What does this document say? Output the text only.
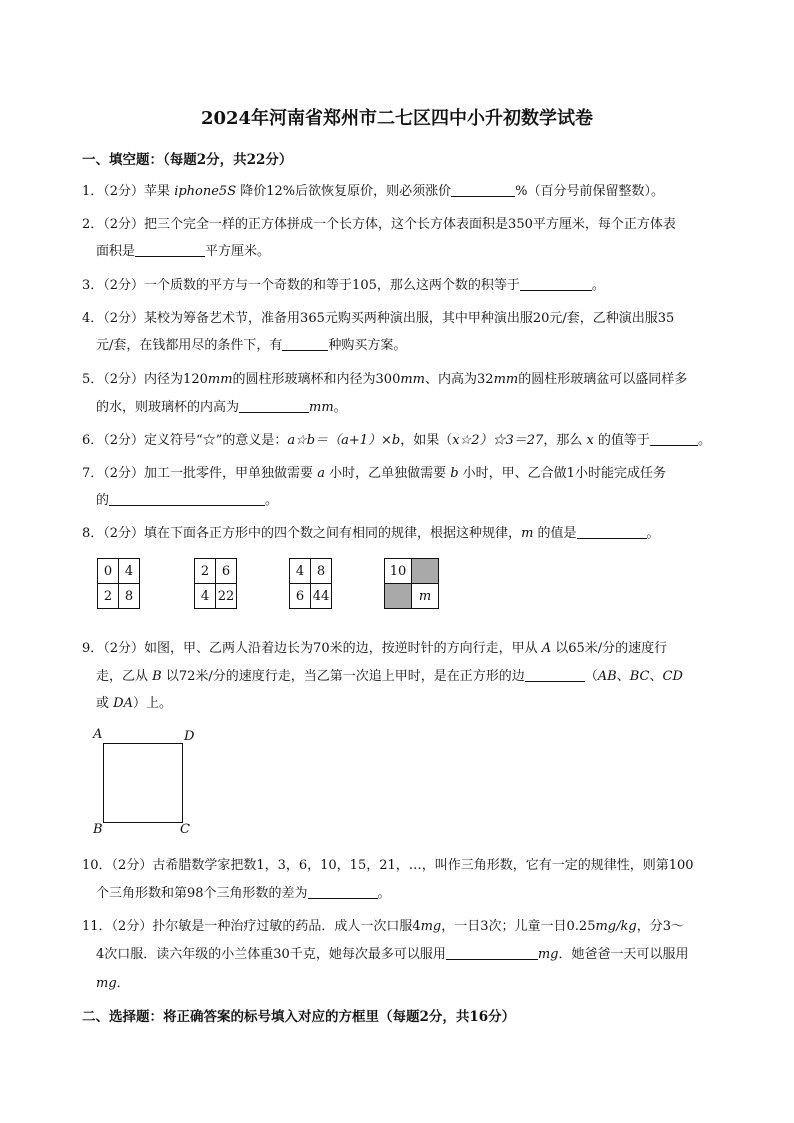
2024年河南省郑州市二七区四中小升初数学试卷
一、填空题：（每题2分，共22分）
1．（2分）苹果 iphone5S 降价12%后欲恢复原价，则必须涨价	%（百分号前保留整数）。
2．（2分）把三个完全一样的正方体拼成一个长方体，这个长方体表面积是350平方厘米，每个正方体表
面积是	平方厘米。
3．（2分）一个质数的平方与一个奇数的和等于105，那么这两个数的积等于	。
4．（2分）某校为筹备艺术节，准备用365元购买两种演出服，其中甲种演出服20元/套，乙种演出服35
元/套，在钱都用尽的条件下，有	种购买方案。
5．（2分）内径为120mm的圆柱形玻璃杯和内径为300mm、内高为32mm的圆柱形玻璃盆可以盛同样多
的水，则玻璃杯的内高为	mm。
6．（2分）定义符号“☆”的意义是：a☆b＝（a+1）×b，如果（x☆2）☆3＝27，那么 x 的值等于	。
7．（2分）加工一批零件，甲单独做需要 a 小时，乙单独做需要 b 小时，甲、乙合做1小时能完成任务
的	。
8．（2分）填在下面各正方形中的四个数之间有相同的规律，根据这种规律，m 的值是	。
0	4
2	8
2	6
4	22
4	8
6	44
10	
	m
9．（2分）如图，甲、乙两人沿着边长为70米的边，按逆时针的方向行走，甲从 A 以65米/分的速度行
走，乙从 B 以72米/分的速度行走，当乙第一次追上甲时，是在正方形的边	（AB、BC、CD
或 DA）上。
A	D
B	C
10．（2分）古希腊数学家把数1，3，6，10，15，21，…，叫作三角形数，它有一定的规律性，则第100
个三角形数和第98个三角形数的差为	。
11．（2分）扑尔敏是一种治疗过敏的药品．成人一次口服4mg，一日3次；儿童一日0.25mg/kg，分3～
4次口服．读六年级的小兰体重30千克，她每次最多可以服用	mg．她爸爸一天可以服用
mg．
二、选择题：将正确答案的标号填入对应的方框里（每题2分，共16分）
